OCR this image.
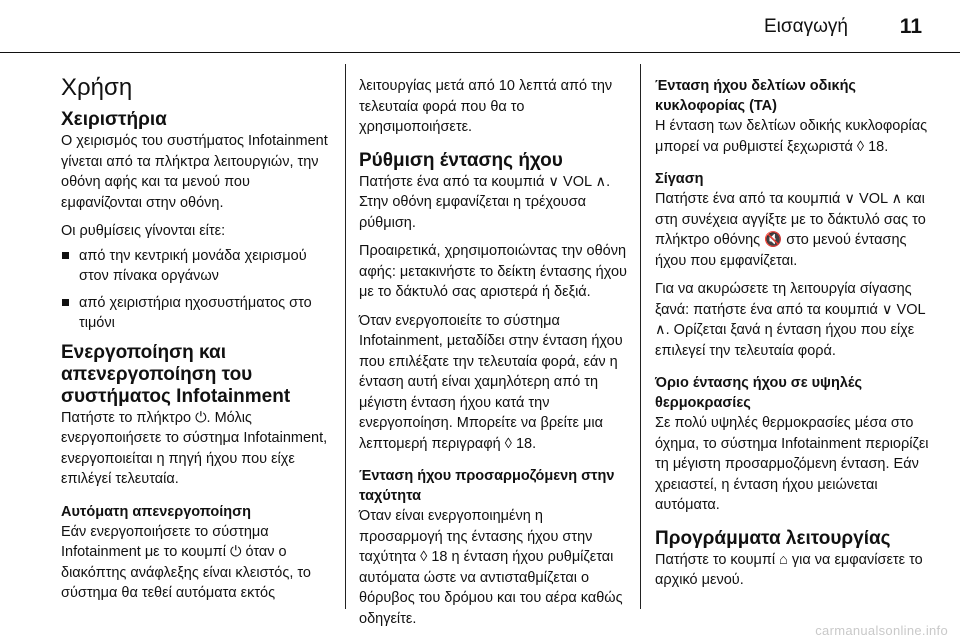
Εισαγωγή 11
Χρήση
Χειριστήρια

Ο χειρισμός του συστήματος Infotainment γίνεται από τα πλήκτρα λειτουργιών, την οθόνη αφής και τα μενού που εμφανίζονται στην οθόνη.

Οι ρυθμίσεις γίνονται είτε:

από την κεντρική μονάδα χειρισμού στον πίνακα οργάνων
από χειριστήρια ηχοσυστήματος στο τιμόνι
Ενεργοποίηση και απενεργοποίηση του συστήματος Infotainment

Πατήστε το πλήκτρο ⏻. Μόλις ενεργοποιήσετε το σύστημα Infotainment, ενεργοποιείται η πηγή ήχου που είχε επιλέγεί τελευταία.

Αυτόματη απενεργοποίηση

Εάν ενεργοποιήσετε το σύστημα Infotainment με το κουμπί ⏻ όταν ο διακόπτης ανάφλεξης είναι κλειστός, το σύστημα θα τεθεί αυτόματα εκτός

λειτουργίας μετά από 10 λεπτά από την τελευταία φορά που θα το χρησιμοποιήσετε.

Ρύθμιση έντασης ήχου

Πατήστε ένα από τα κουμπιά ∨ VOL ∧. Στην οθόνη εμφανίζεται η τρέχουσα ρύθμιση.

Προαιρετικά, χρησιμοποιώντας την οθόνη αφής: μετακινήστε το δείκτη έντασης ήχου με το δάκτυλό σας αριστερά ή δεξιά.

Όταν ενεργοποιείτε το σύστημα Infotainment, μεταδίδει στην ένταση ήχου που επιλέξατε την τελευταία φορά, εάν η ένταση αυτή είναι χαμηλότερη από τη μέγιστη ένταση ήχου κατά την ενεργοποίηση. Μπορείτε να βρείτε μια λεπτομερή περιγραφή ◊ 18.

Ένταση ήχου προσαρμοζόμενη στην ταχύτητα

Όταν είναι ενεργοποιημένη η προσαρμογή της έντασης ήχου στην ταχύτητα ◊ 18 η ένταση ήχου ρυθμίζεται αυτόματα ώστε να αντισταθμίζεται ο θόρυβος του δρόμου και του αέρα καθώς οδηγείτε.

Ένταση ήχου δελτίων οδικής κυκλοφορίας (TA)

Η ένταση των δελτίων οδικής κυκλοφορίας μπορεί να ρυθμιστεί ξεχωριστά ◊ 18.

Σίγαση

Πατήστε ένα από τα κουμπιά ∨ VOL ∧ και στη συνέχεια αγγίξτε με το δάκτυλό σας το πλήκτρο οθόνης 🔇 στο μενού έντασης ήχου που εμφανίζεται.

Για να ακυρώσετε τη λειτουργία σίγασης ξανά: πατήστε ένα από τα κουμπιά ∨ VOL ∧. Ορίζεται ξανά η ένταση ήχου που είχε επιλεγεί την τελευταία φορά.

Όριο έντασης ήχου σε υψηλές θερμοκρασίες

Σε πολύ υψηλές θερμοκρασίες μέσα στο όχημα, το σύστημα Infotainment περιορίζει τη μέγιστη προσαρμοζόμενη ένταση. Εάν χρειαστεί, η ένταση ήχου μειώνεται αυτόματα.

Προγράμματα λειτουργίας

Πατήστε το κουμπί ⌂ για να εμφανίσετε το αρχικό μενού.

carmanualsonline.info
